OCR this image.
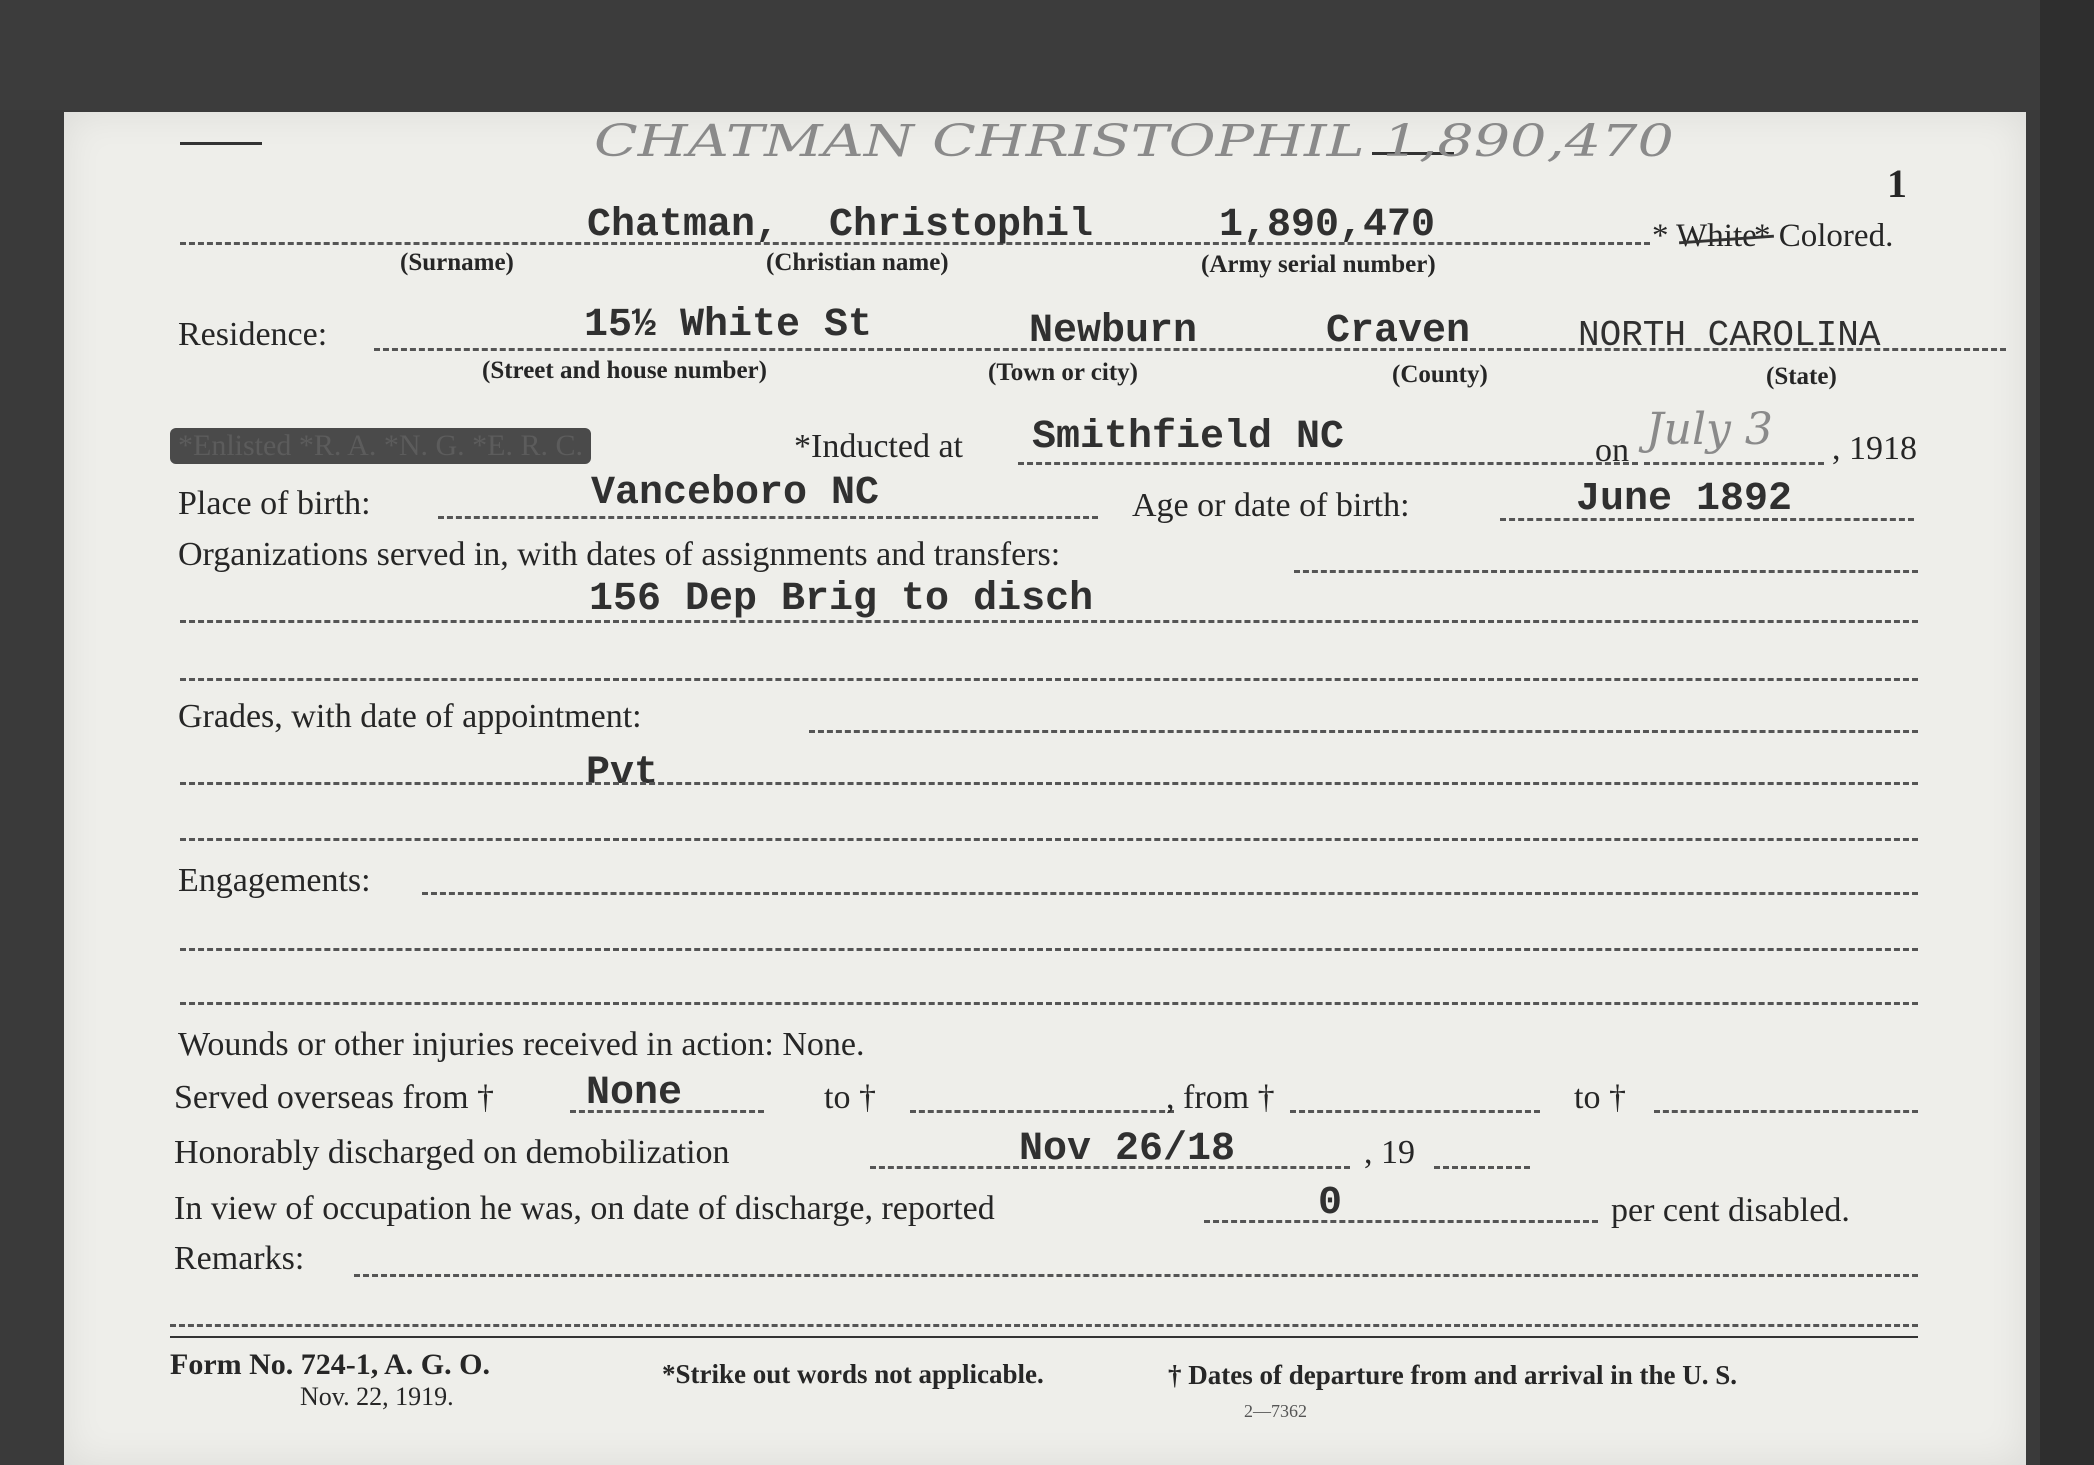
CHATMAN CHRISTOPHIL 1,890,470
1
Chatman, Christophil	1,890,470	* White
* Colored.
(Surname)	(Christian name)	(Army serial number)
Residence:	15½ White St	Newburn	Craven	NORTH CAROLINA
(Street and house number)	(Town or city)	(County)	(State)
*Enlisted *R. A. *N. G. *E. R. C.	*Inducted at Smithfield NC	on July 3 , 1918
Place of birth:	Vanceboro NC	Age or date of birth:	June 1892
Organizations served in, with dates of assignments and transfers:
156 Dep Brig to disch
Grades, with date of appointment:
Pvt
Engagements:
Wounds or other injuries received in action: None.
Served overseas from † None	to †	, from †	to †
Honorably discharged on demobilization	Nov 26/18	, 19
In view of occupation he was, on date of discharge, reported	0	per cent disabled.
Remarks:
Form No. 724-1, A. G. O.
Nov. 22, 1919.
*Strike out words not applicable.	† Dates of departure from and arrival in the U. S.
2—7362
